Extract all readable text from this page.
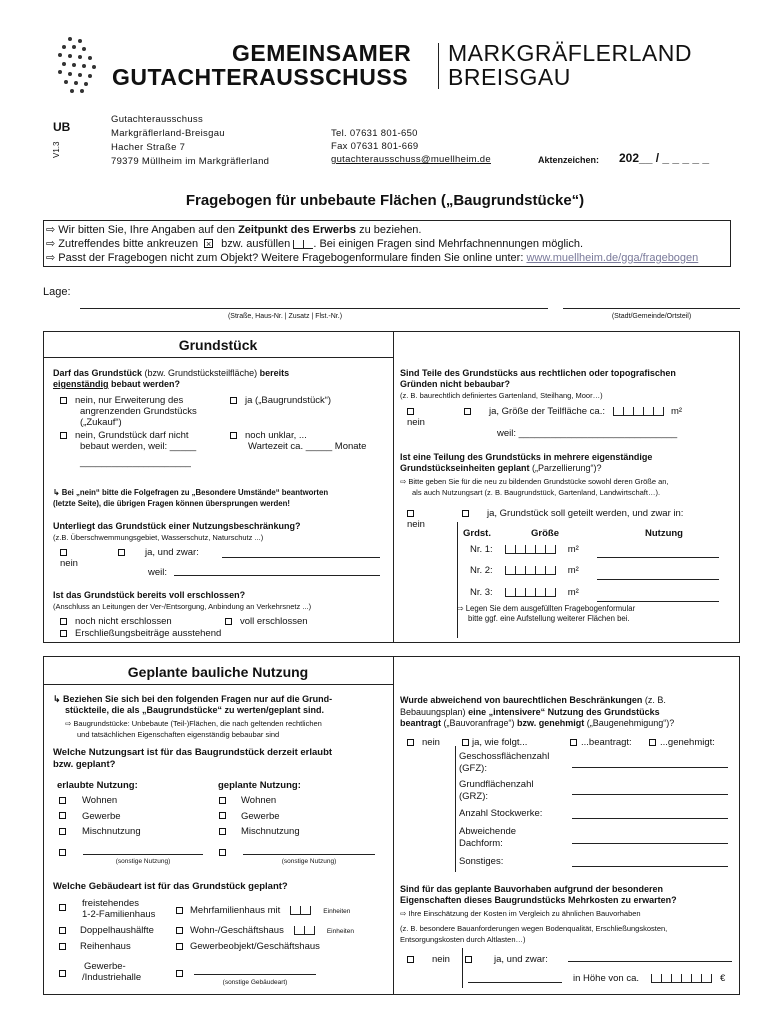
GEMEINSAMER
GUTACHTERAUSSCHUSS
MARKGRÄFLERLAND
BREISGAU
UB
V1.3
Gutachterausschuss
Markgräflerland-Breisgau
Hacher Straße 7
79379 Müllheim im Markgräflerland
Tel. 07631 801-650
Fax 07631 801-669
gutachterausschuss@muellheim.de	Aktenzeichen: 202__ / _ _ _ _ _
Fragebogen für unbebaute Flächen („Baugrundstücke“)
⇨ Wir bitten Sie, Ihre Angaben auf den Zeitpunkt des Erwerbs zu beziehen.
⇨ Zutreffendes bitte ankreuzen × bzw. ausfüllen . Bei einigen Fragen sind Mehrfachnennungen möglich.
⇨ Passt der Fragebogen nicht zum Objekt? Weitere Fragebogenformulare finden Sie online unter: www.muellheim.de/gga/fragebogen
Lage:
(Straße, Haus-Nr. | Zusatz | Flst.-Nr.)	(Stadt/Gemeinde/Ortsteil)
Grundstück
Darf das Grundstück (bzw. Grundstücksteilfläche) bereits
eigenständig bebaut werden?
nein, nur Erweiterung des
angrenzenden Grundstücks
(„Zukauf“)
ja („Baugrundstück“)
nein, Grundstück darf nicht
bebaut werden, weil: _____
_____________________
noch unklar, ...
Wartezeit ca. _____ Monate
↳ Bei „nein“ bitte die Folgefragen zu „Besondere Umstände“ beantworten
(letzte Seite), die übrigen Fragen können übersprungen werden!
Unterliegt das Grundstück einer Nutzungsbeschränkung?
(z.B. Überschwemmungsgebiet, Wasserschutz, Naturschutz ...)
nein
ja, und zwar:
weil:
Ist das Grundstück bereits voll erschlossen?
(Anschluss an Leitungen der Ver-/Entsorgung, Anbindung an Verkehrsnetz ...)
noch nicht erschlossen	voll erschlossen
Erschließungsbeiträge ausstehend
Sind Teile des Grundstücks aus rechtlichen oder topografischen
Gründen nicht bebaubar?
(z. B. baurechtlich definiertes Gartenland, Steilhang, Moor…)
nein
ja, Größe der Teilfläche ca.:	m²
weil: ______________________________
Ist eine Teilung des Grundstücks in mehrere eigenständige
Grundstückseinheiten geplant („Parzellierung“)?
⇨ Bitte geben Sie für die neu zu bildenden Grundstücke sowohl deren Größe an,
als auch Nutzungsart (z. B. Baugrundstück, Gartenland, Landwirtschaft…).
nein
ja, Grundstück soll geteilt werden, und zwar in:
Grdst.	Größe	Nutzung
Nr. 1:	m²
Nr. 2:	m²
Nr. 3:	m²
⇨ Legen Sie dem ausgefüllten Fragebogenformular
bitte ggf. eine Aufstellung weiterer Flächen bei.
Geplante bauliche Nutzung
↳ Beziehen Sie sich bei den folgenden Fragen nur auf die Grund-
stückteile, die als „Baugrundstücke“ zu werten/geplant sind.
⇨ Baugrundstücke: Unbebaute (Teil-)Flächen, die nach geltenden rechtlichen
und tatsächlichen Eigenschaften eigenständig bebaubar sind
Welche Nutzungsart ist für das Baugrundstück derzeit erlaubt
bzw. geplant?
erlaubte Nutzung:	geplante Nutzung:
Wohnen
Gewerbe
Mischnutzung
Wohnen
Gewerbe
Mischnutzung
(sonstige Nutzung)	(sonstige Nutzung)
Welche Gebäudeart ist für das Grundstück geplant?
freistehendes
1-2-Familienhaus	Mehrfamilienhaus mit	Einheiten
Doppelhaushälfte	Wohn-/Geschäftshaus	Einheiten
Reihenhaus	Gewerbeobjekt/Geschäftshaus
Gewerbe-
/Industriehalle	(sonstige Gebäudeart)
Wurde abweichend von baurechtlichen Beschränkungen (z. B.
Bebauungsplan) eine „intensivere“ Nutzung des Grundstücks
beantragt („Bauvoranfrage“) bzw. genehmigt („Baugenehmigung“)?
nein	ja, wie folgt...	...beantragt:	...genehmigt:
Geschossflächenzahl
(GFZ):
Grundflächenzahl
(GRZ):
Anzahl Stockwerke:
Abweichende
Dachform:
Sonstiges:
Sind für das geplante Bauvorhaben aufgrund der besonderen
Eigenschaften dieses Baugrundstücks Mehrkosten zu erwarten?
⇨ Ihre Einschätzung der Kosten im Vergleich zu ähnlichen Bauvorhaben
(z. B. besondere Bauanforderungen wegen Bodenqualität, Erschließungskosten,
Entsorgungskosten durch Altlasten…)
nein	ja, und zwar:
in Höhe von ca.	€
